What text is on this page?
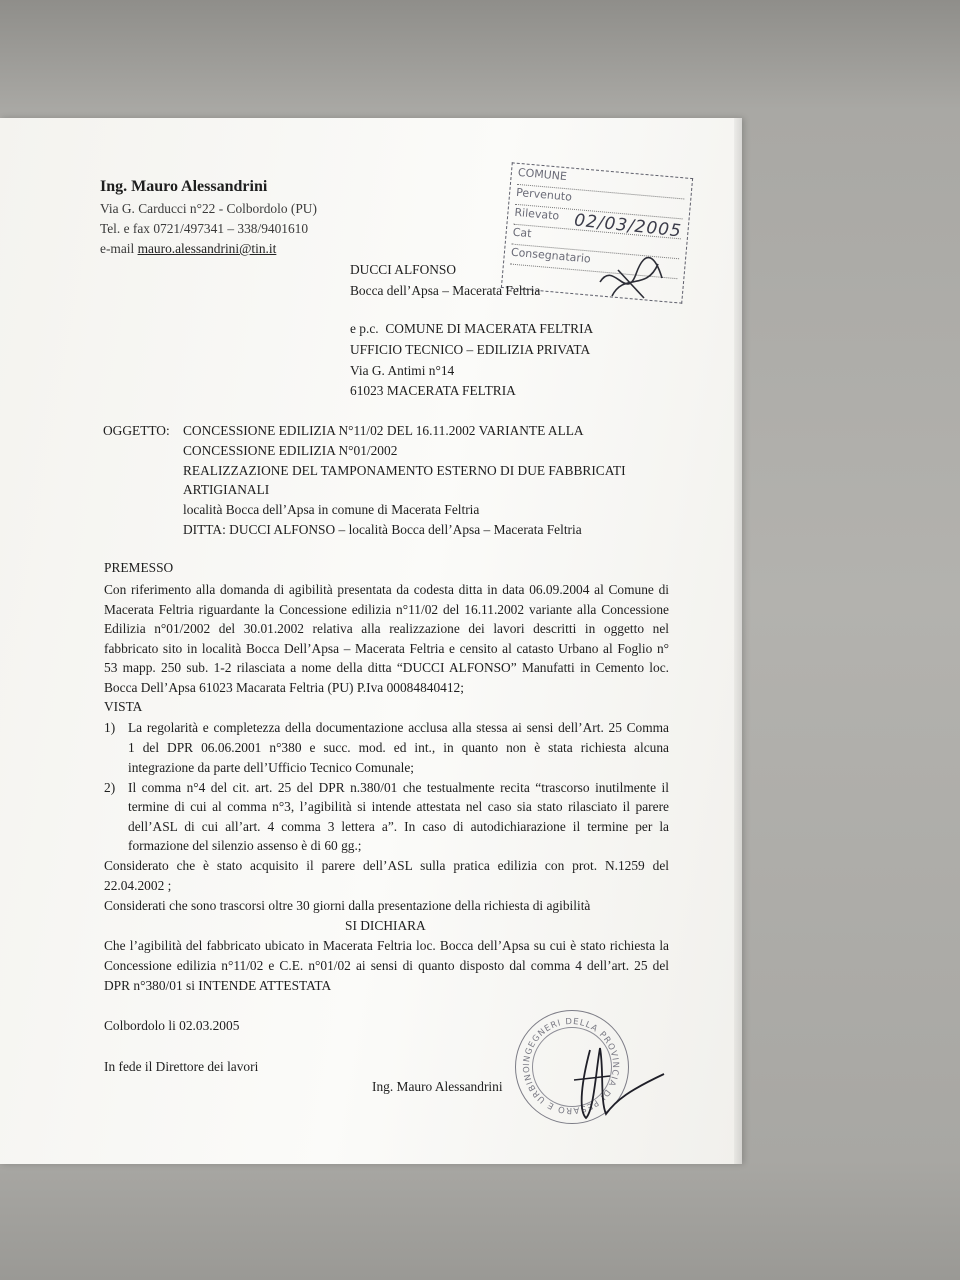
Ing. Mauro Alessandrini
Via G. Carducci n°22 - Colbordolo (PU)
Tel. e fax 0721/497341 – 338/9401610
e-mail mauro.alessandrini@tin.it
COMUNE
Pervenuto
Rilevato
Cat
Consegnatario
02/03/2005
DUCCI ALFONSO
Bocca dell’Apsa – Macerata Feltria
e p.c. COMUNE DI MACERATA FELTRIA
UFFICIO TECNICO – EDILIZIA PRIVATA
Via G. Antimi n°14
61023 MACERATA FELTRIA
OGGETTO: CONCESSIONE EDILIZIA N°11/02 DEL 16.11.2002 VARIANTE ALLA
CONCESSIONE EDILIZIA N°01/2002
REALIZZAZIONE DEL TAMPONAMENTO ESTERNO DI DUE FABBRICATI
ARTIGIANALI
località Bocca dell’Apsa in comune di Macerata Feltria
DITTA: DUCCI ALFONSO – località Bocca dell’Apsa – Macerata Feltria
PREMESSO
Con riferimento alla domanda di agibilità presentata da codesta ditta in data 06.09.2004 al Comune di
Macerata Feltria riguardante la Concessione edilizia n°11/02 del 16.11.2002 variante alla Concessione
Edilizia n°01/2002 del 30.01.2002 relativa alla realizzazione dei lavori descritti in oggetto nel
fabbricato sito in località Bocca Dell’Apsa – Macerata Feltria e censito al catasto Urbano al Foglio n°
53 mapp. 250 sub. 1-2 rilasciata a nome della ditta “DUCCI ALFONSO” Manufatti in Cemento loc.
Bocca Dell’Apsa 61023 Macarata Feltria (PU) P.Iva 00084840412;
VISTA
1) La regolarità e completezza della documentazione acclusa alla stessa ai sensi dell’Art. 25 Comma
1 del DPR 06.06.2001 n°380 e succ. mod. ed int., in quanto non è stata richiesta alcuna
integrazione da parte dell’Ufficio Tecnico Comunale;
2) Il comma n°4 del cit. art. 25 del DPR n.380/01 che testualmente recita “trascorso inutilmente il
termine di cui al comma n°3, l’agibilità si intende attestata nel caso sia stato rilasciato il parere
dell’ASL di cui all’art. 4 comma 3 lettera a”. In caso di autodichiarazione il termine per la
formazione del silenzio assenso è di 60 gg.;
Considerato che è stato acquisito il parere dell’ASL sulla pratica edilizia con prot. N.1259 del
22.04.2002 ;
Considerati che sono trascorsi oltre 30 giorni dalla presentazione della richiesta di agibilità
SI DICHIARA
Che l’agibilità del fabbricato ubicato in Macerata Feltria loc. Bocca dell’Apsa su cui è stato richiesta la
Concessione edilizia n°11/02 e C.E. n°01/02 ai sensi di quanto disposto dal comma 4 dell’art. 25 del
DPR n°380/01 si INTENDE ATTESTATA
Colbordolo li 02.03.2005
In fede il Direttore dei lavori
Ing. Mauro Alessandrini
INGEGNERI DELLA PROVINCIA DI PESARO E URBINO
